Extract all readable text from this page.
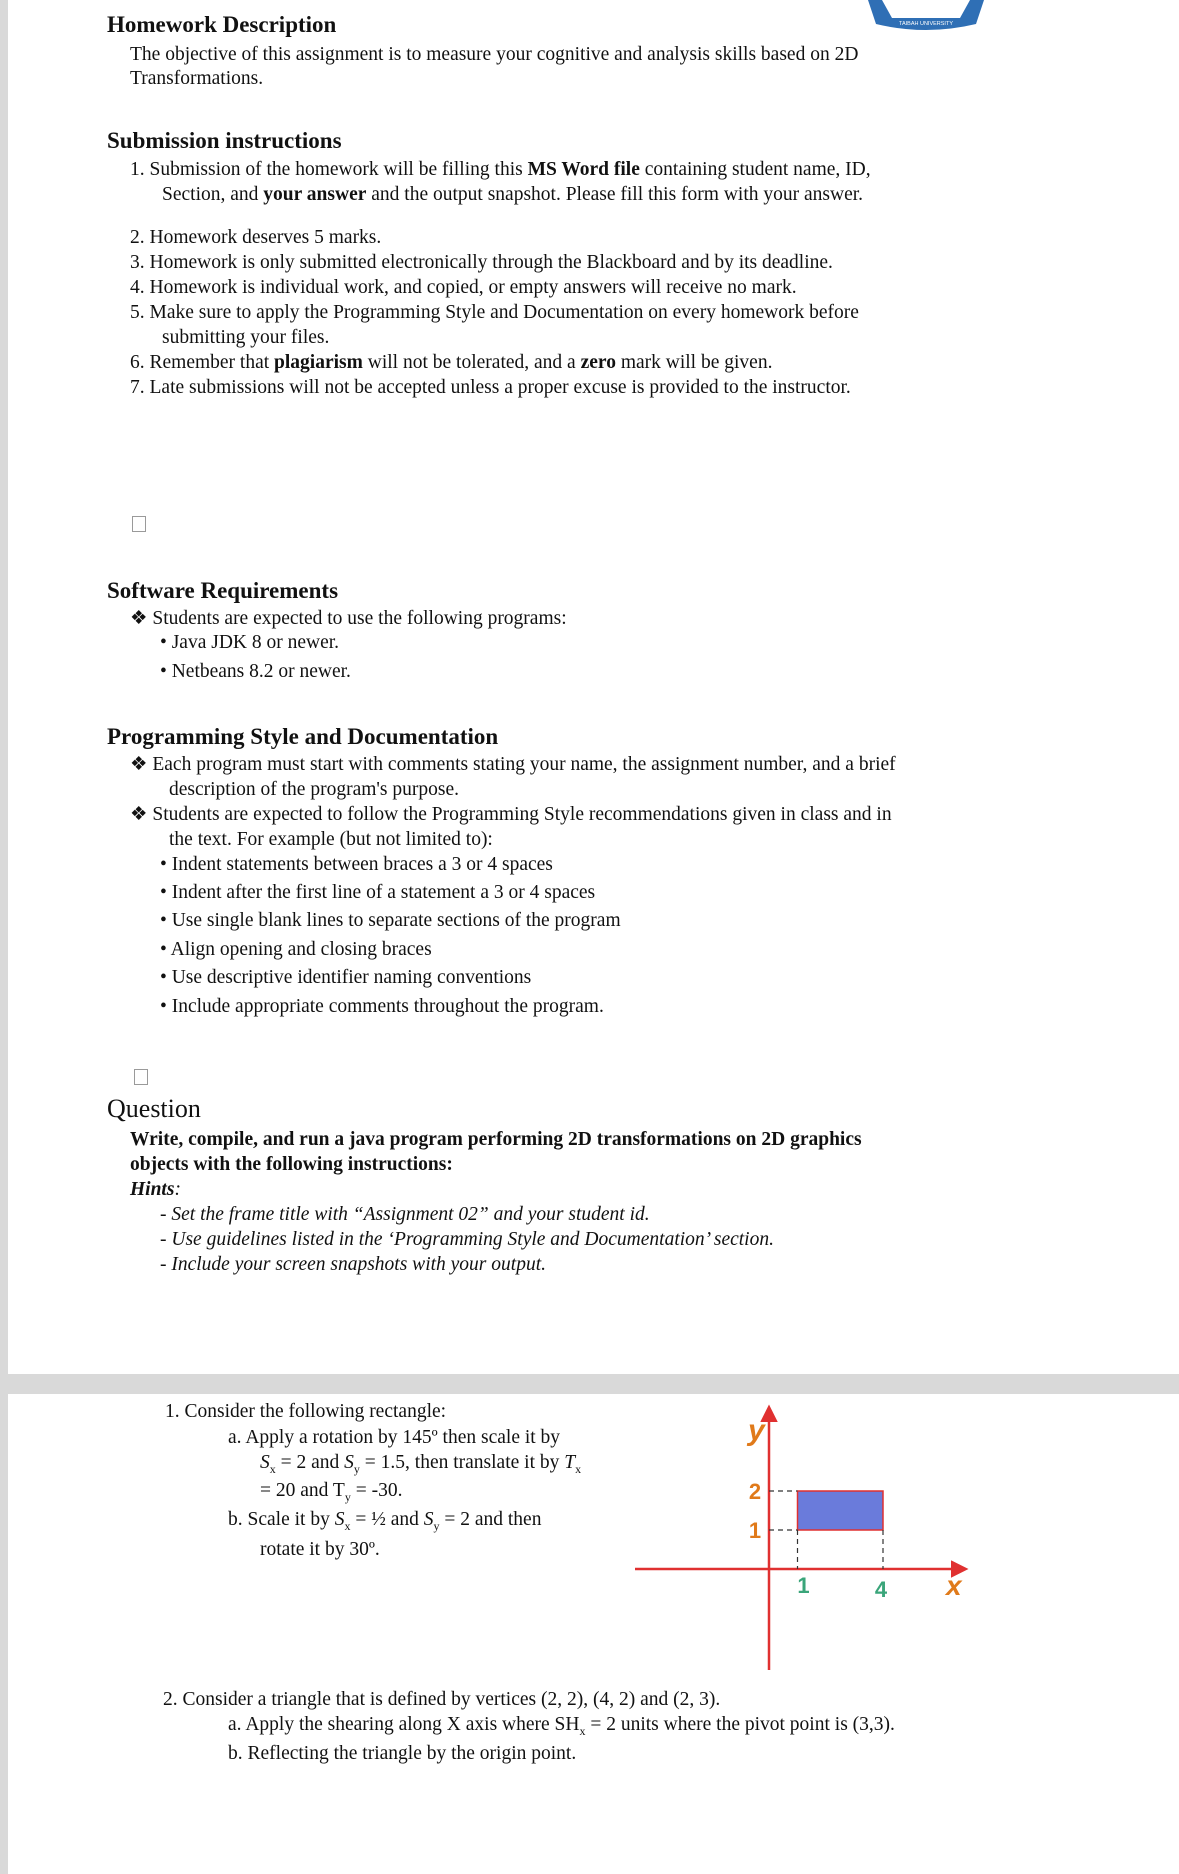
TAIBAH UNIVERSITY
Homework Description
The objective of this assignment is to measure your cognitive and analysis skills based on 2D
Transformations.
Submission instructions
1. Submission of the homework will be filling this MS Word file containing student name, ID,
Section, and your answer and the output snapshot. Please fill this form with your answer.
2. Homework deserves 5 marks.
3. Homework is only submitted electronically through the Blackboard and by its deadline.
4. Homework is individual work, and copied, or empty answers will receive no mark.
5. Make sure to apply the Programming Style and Documentation on every homework before
submitting your files.
6. Remember that plagiarism will not be tolerated, and a zero mark will be given.
7. Late submissions will not be accepted unless a proper excuse is provided to the instructor.
Software Requirements
❖ Students are expected to use the following programs:
• Java JDK 8 or newer.
• Netbeans 8.2 or newer.
Programming Style and Documentation
❖ Each program must start with comments stating your name, the assignment number, and a brief
description of the program's purpose.
❖ Students are expected to follow the Programming Style recommendations given in class and in
the text. For example (but not limited to):
• Indent statements between braces a 3 or 4 spaces
• Indent after the first line of a statement a 3 or 4 spaces
• Use single blank lines to separate sections of the program
• Align opening and closing braces
• Use descriptive identifier naming conventions
• Include appropriate comments throughout the program.
Question
Write, compile, and run a java program performing 2D transformations on 2D graphics
objects with the following instructions:
Hints:
- Set the frame title with “Assignment 02” and your student id.
- Use guidelines listed in the ‘Programming Style and Documentation’ section.
- Include your screen snapshots with your output.
1. Consider the following rectangle:
a. Apply a rotation by 145º then scale it by
$S_x = 2$ and $S_y = 1.5$, then translate it by $T_x$
= 20 and $T_y = -30$.
b. Scale it by $S_x$ = ½ and $S_y = 2$ and then
rotate it by 30º.
2
1
1	4 x
y
2. Consider a triangle that is defined by vertices (2, 2), (4, 2) and (2, 3).
a. Apply the shearing along X axis where $SH_x = 2$ units where the pivot point is (3,3).
b. Reflecting the triangle by the origin point.
